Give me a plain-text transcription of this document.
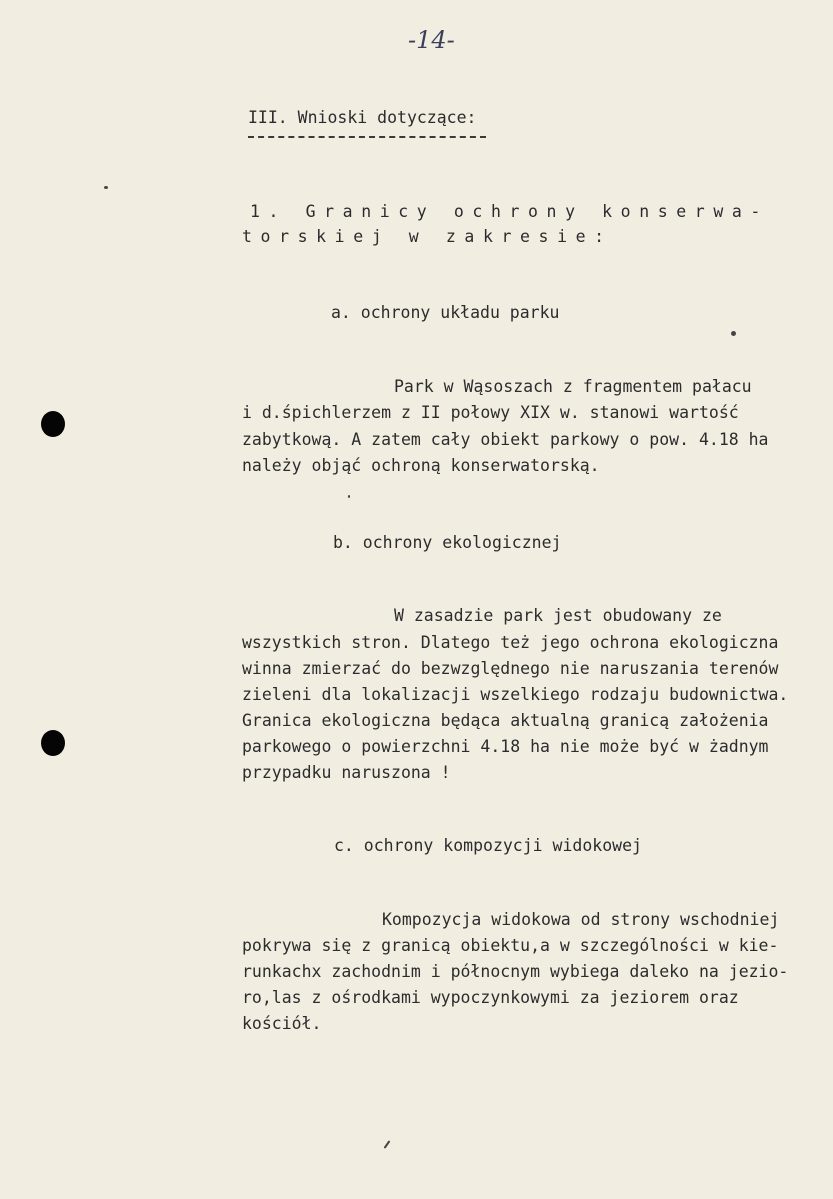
-14-
III. Wnioski dotyczące:
1. Granicy ochrony konserwa-
torskiej w zakresie:
a. ochrony układu parku
Park w Wąsoszach z fragmentem pałacu
i d.śpichlerzem z II połowy XIX w. stanowi wartość
zabytkową. A zatem cały obiekt parkowy o pow. 4.18 ha
należy objąć ochroną konserwatorską.
b. ochrony ekologicznej
W zasadzie park jest obudowany ze
wszystkich stron. Dlatego też jego ochrona ekologiczna
winna zmierzać do bezwzględnego nie naruszania terenów
zieleni dla lokalizacji wszelkiego rodzaju budownictwa.
Granica ekologiczna będąca aktualną granicą założenia
parkowego o powierzchni 4.18 ha nie może być w żadnym
przypadku naruszona !
c. ochrony kompozycji widokowej
Kompozycja widokowa od strony wschodniej
pokrywa się z granicą obiektu,a w szczególności w kie-
runkachx zachodnim i północnym wybiega daleko na jezio-
ro,las z ośrodkami wypoczynkowymi za jeziorem oraz
kościół.
